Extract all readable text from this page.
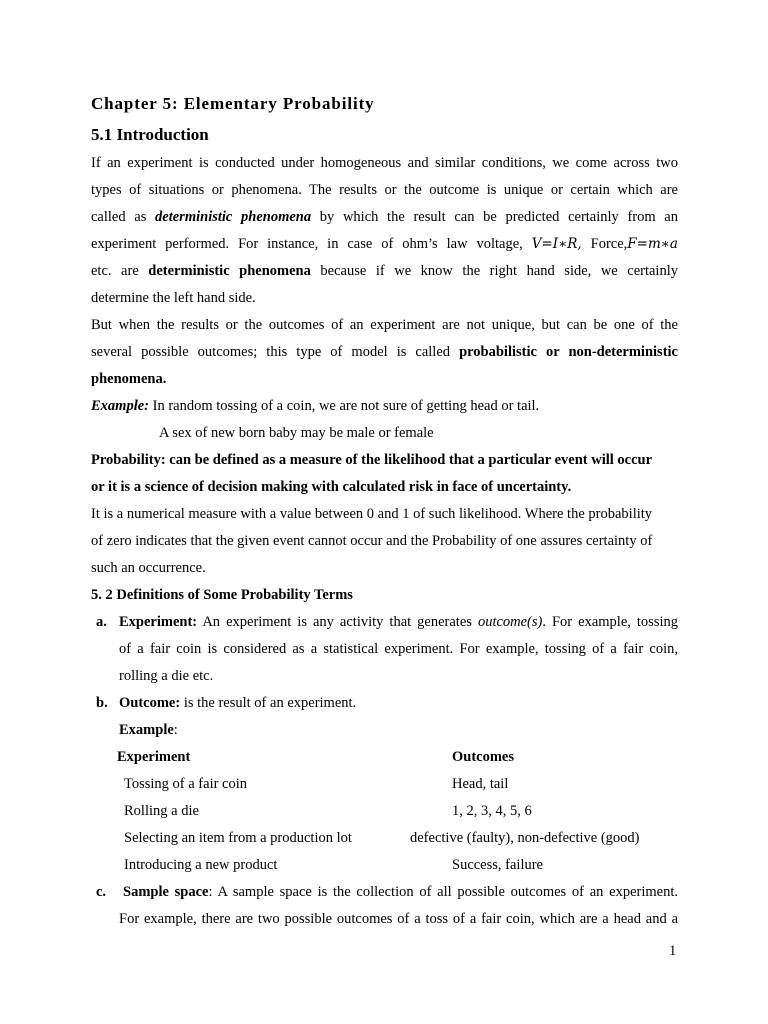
Chapter 5: Elementary Probability
5.1 Introduction
If an experiment is conducted under homogeneous and similar conditions, we come across two
types of situations or phenomena. The results or the outcome is unique or certain which are
called as deterministic phenomena by which the result can be predicted certainly from an
experiment performed. For instance, in case of ohm’s law voltage, V=I∗R, Force,F=m∗a
etc. are deterministic phenomena because if we know the right hand side, we certainly
determine the left hand side.
But when the results or the outcomes of an experiment are not unique, but can be one of the
several possible outcomes; this type of model is called probabilistic or non-deterministic
phenomena.
Example: In random tossing of a coin, we are not sure of getting head or tail.
A sex of new born baby may be male or female
Probability: can be defined as a measure of the likelihood that a particular event will occur
or it is a science of decision making with calculated risk in face of uncertainty.
It is a numerical measure with a value between 0 and 1 of such likelihood. Where the probability
of zero indicates that the given event cannot occur and the Probability of one assures certainty of
such an occurrence.
5. 2 Definitions of Some Probability Terms
a. Experiment: An experiment is any activity that generates outcome(s). For example, tossing
of a fair coin is considered as a statistical experiment. For example, tossing of a fair coin,
rolling a die etc.
b. Outcome: is the result of an experiment.
Example:
Experiment	Outcomes
Tossing of a fair coin	Head, tail
Rolling a die	1, 2, 3, 4, 5, 6
Selecting an item from a production lot	defective (faulty), non-defective (good)
Introducing a new product	Success, failure
c. Sample space: A sample space is the collection of all possible outcomes of an experiment.
For example, there are two possible outcomes of a toss of a fair coin, which are a head and a
1
